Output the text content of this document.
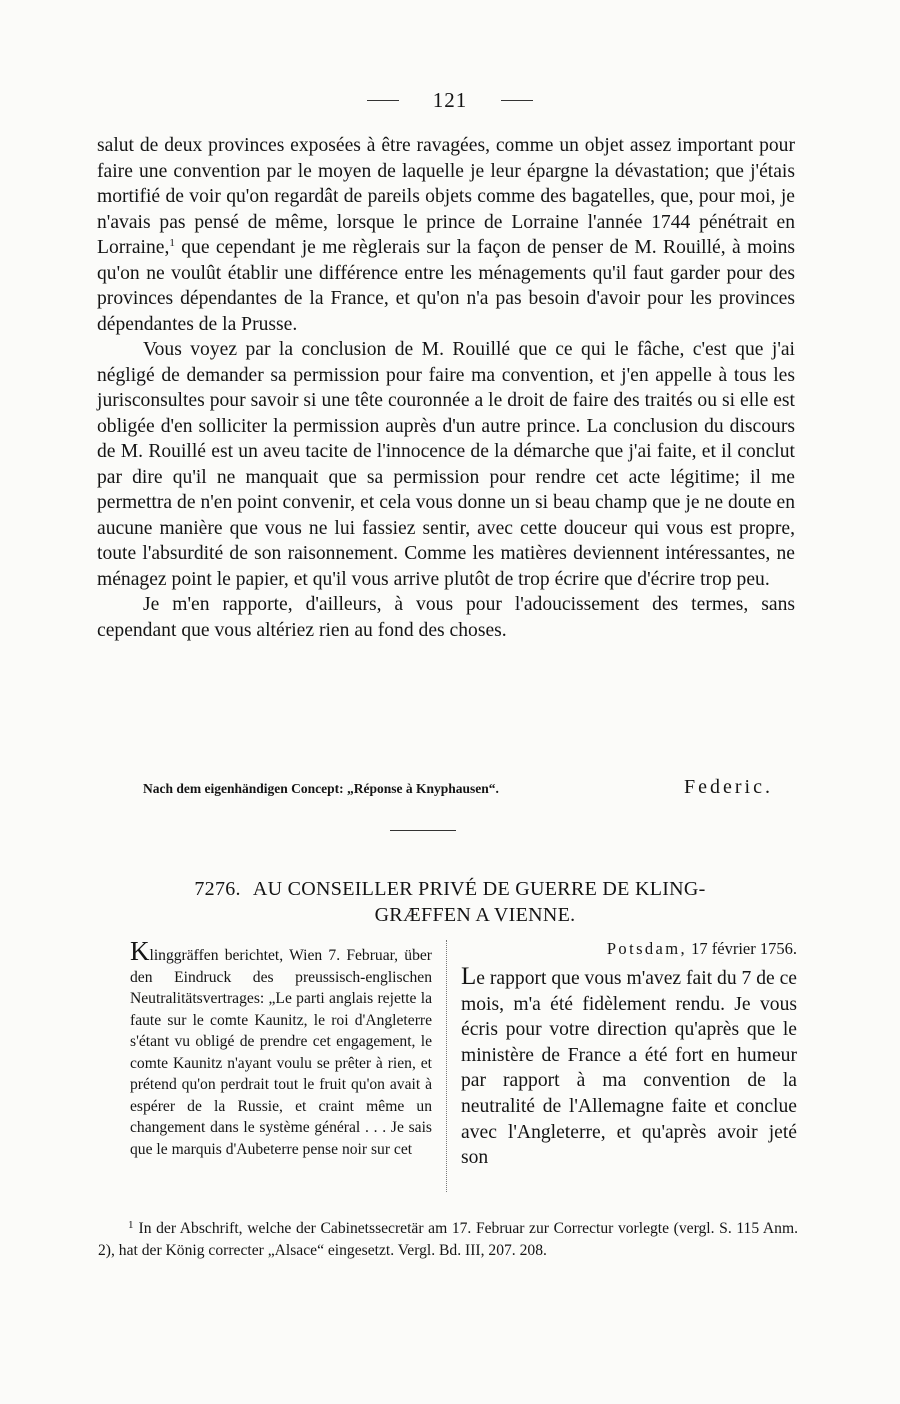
121

salut de deux provinces exposées à être ravagées, comme un objet assez important pour faire une convention par le moyen de laquelle je leur épargne la dévastation; que j'étais mortifié de voir qu'on regardât de pareils objets comme des bagatelles, que, pour moi, je n'avais pas pensé de même, lorsque le prince de Lorraine l'année 1744 pénétrait en Lorraine,$^1$ que cependant je me règlerais sur la façon de penser de M. Rouillé, à moins qu'on ne voulût établir une différence entre les ménagements qu'il faut garder pour des provinces dépendantes de la France, et qu'on n'a pas besoin d'avoir pour les provinces dépendantes de la Prusse.

Vous voyez par la conclusion de M. Rouillé que ce qui le fâche, c'est que j'ai négligé de demander sa permission pour faire ma convention, et j'en appelle à tous les jurisconsultes pour savoir si une tête couronnée a le droit de faire des traités ou si elle est obligée d'en solliciter la permission auprès d'un autre prince. La conclusion du discours de M. Rouillé est un aveu tacite de l'innocence de la démarche que j'ai faite, et il conclut par dire qu'il ne manquait que sa permission pour rendre cet acte légitime; il me permettra de n'en point convenir, et cela vous donne un si beau champ que je ne doute en aucune manière que vous ne lui fassiez sentir, avec cette douceur qui vous est propre, toute l'absurdité de son raisonnement. Comme les matières deviennent intéressantes, ne ménagez point le papier, et qu'il vous arrive plutôt de trop écrire que d'écrire trop peu.

Je m'en rapporte, d'ailleurs, à vous pour l'adoucissement des termes, sans cependant que vous altériez rien au fond des choses.

Nach dem eigenhändigen Concept: „Réponse à Knyphausen“.	Federic.
7276. AU CONSEILLER PRIVÉ DE GUERRE DE KLING-
GRÆFFEN A VIENNE.

Klinggräffen berichtet, Wien 7. Februar, über den Eindruck des preussisch-englischen Neutralitätsvertrages: „Le parti anglais rejette la faute sur le comte Kaunitz, le roi d'Angleterre s'étant vu obligé de prendre cet engagement, le comte Kaunitz n'ayant voulu se prêter à rien, et prétend qu'on perdrait tout le fruit qu'on avait à espérer de la Russie, et craint même un changement dans le système général . . . Je sais que le marquis d'Aubeterre pense noir sur cet

Potsdam, 17 février 1756.

Le rapport que vous m'avez fait du 7 de ce mois, m'a été fidèlement rendu. Je vous écris pour votre direction qu'après que le ministère de France a été fort en humeur par rapport à ma convention de la neutralité de l'Allemagne faite et conclue avec l'Angleterre, et qu'après avoir jeté son

$^1$ In der Abschrift, welche der Cabinetssecretär am 17. Februar zur Correctur vorlegte (vergl. S. 115 Anm. 2), hat der König correcter „Alsace“ eingesetzt. Vergl. Bd. III, 207. 208.
